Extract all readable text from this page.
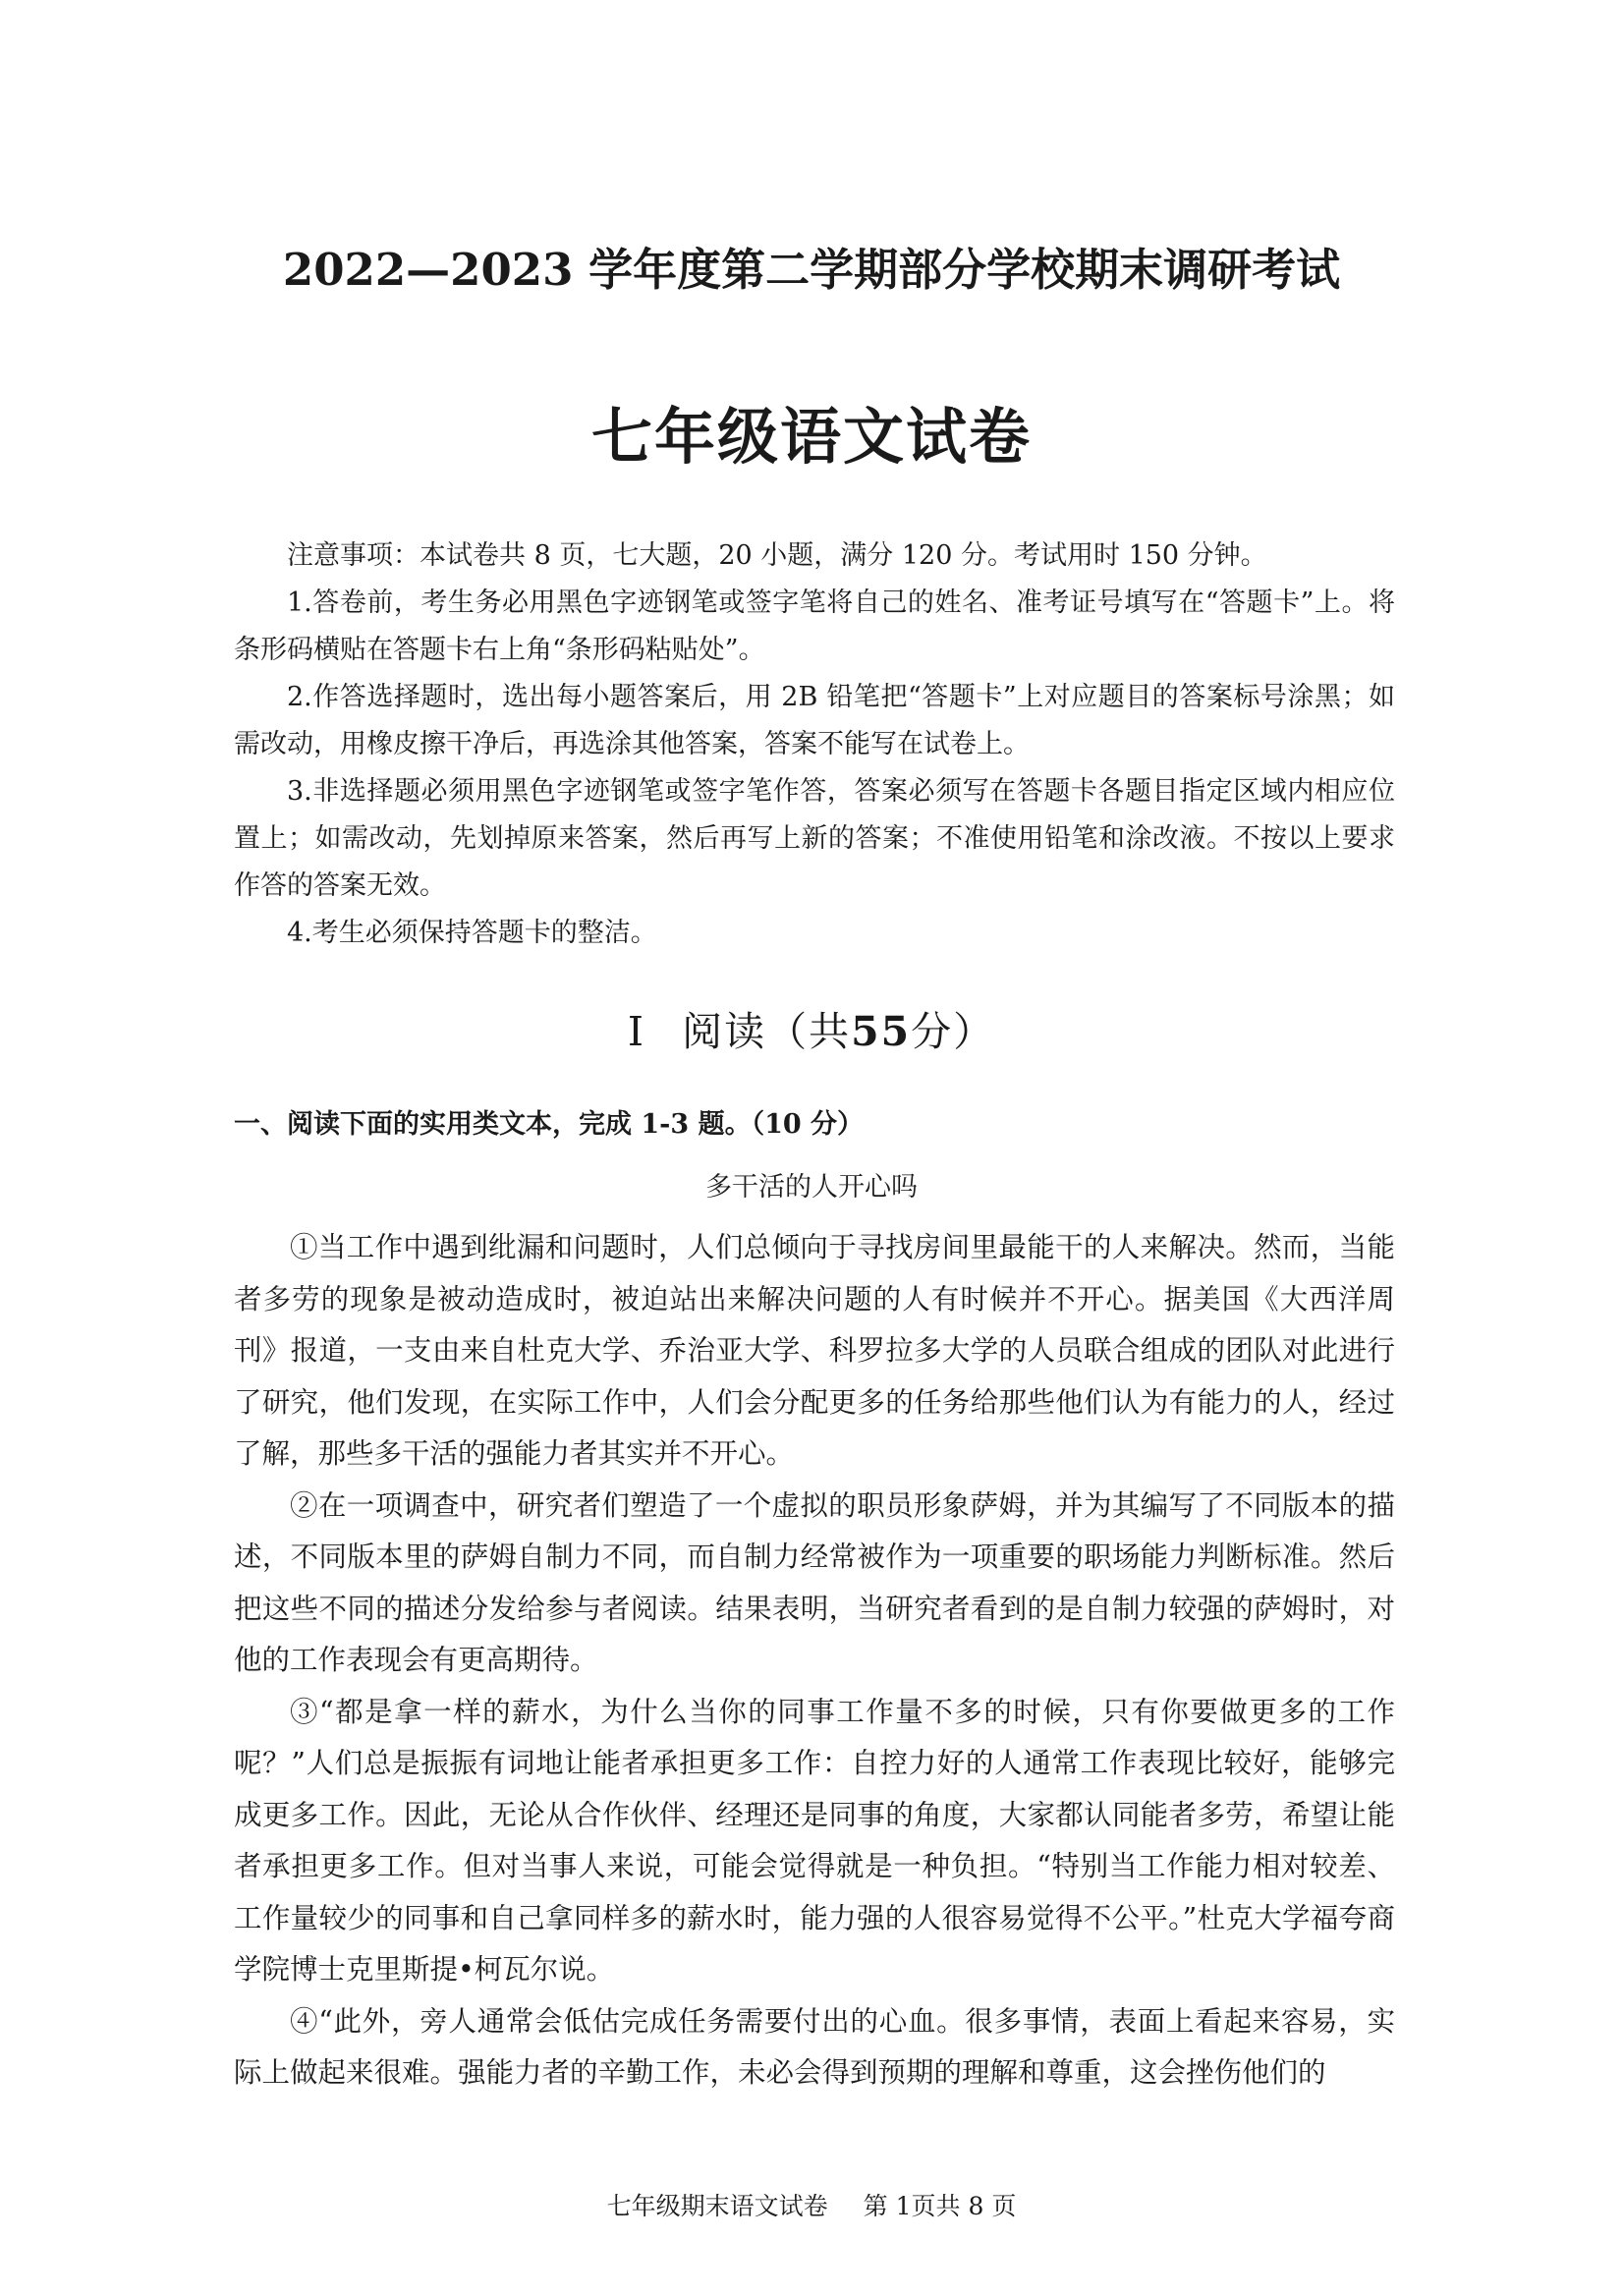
2022—2023 学年度第二学期部分学校期末调研考试
七年级语文试卷

注意事项：本试卷共 8 页，七大题，20 小题，满分 120 分。考试用时 150 分钟。

1.答卷前，考生务必用黑色字迹钢笔或签字笔将自己的姓名、准考证号填写在“答题卡”上。将条形码横贴在答题卡右上角“条形码粘贴处”。

2.作答选择题时，选出每小题答案后，用 2B 铅笔把“答题卡”上对应题目的答案标号涂黑；如需改动，用橡皮擦干净后，再选涂其他答案，答案不能写在试卷上。

3.非选择题必须用黑色字迹钢笔或签字笔作答，答案必须写在答题卡各题目指定区域内相应位置上；如需改动，先划掉原来答案，然后再写上新的答案；不准使用铅笔和涂改液。不按以上要求作答的答案无效。

4.考生必须保持答题卡的整洁。

Ⅰ 阅读（共55分）
一、阅读下面的实用类文本，完成 1-3 题。（10 分）
多干活的人开心吗

①当工作中遇到纰漏和问题时，人们总倾向于寻找房间里最能干的人来解决。然而，当能者多劳的现象是被动造成时，被迫站出来解决问题的人有时候并不开心。据美国《大西洋周刊》报道，一支由来自杜克大学、乔治亚大学、科罗拉多大学的人员联合组成的团队对此进行了研究，他们发现，在实际工作中，人们会分配更多的任务给那些他们认为有能力的人，经过了解，那些多干活的强能力者其实并不开心。

②在一项调查中，研究者们塑造了一个虚拟的职员形象萨姆，并为其编写了不同版本的描述，不同版本里的萨姆自制力不同，而自制力经常被作为一项重要的职场能力判断标准。然后把这些不同的描述分发给参与者阅读。结果表明，当研究者看到的是自制力较强的萨姆时，对他的工作表现会有更高期待。

③“都是拿一样的薪水，为什么当你的同事工作量不多的时候，只有你要做更多的工作呢？”人们总是振振有词地让能者承担更多工作：自控力好的人通常工作表现比较好，能够完成更多工作。因此，无论从合作伙伴、经理还是同事的角度，大家都认同能者多劳，希望让能者承担更多工作。但对当事人来说，可能会觉得就是一种负担。“特别当工作能力相对较差、工作量较少的同事和自己拿同样多的薪水时，能力强的人很容易觉得不公平。”杜克大学福夸商学院博士克里斯提•柯瓦尔说。

④“此外，旁人通常会低估完成任务需要付出的心血。很多事情，表面上看起来容易，实际上做起来很难。强能力者的辛勤工作，未必会得到预期的理解和尊重，这会挫伤他们的

七年级期末语文试卷 第 1页共 8 页
